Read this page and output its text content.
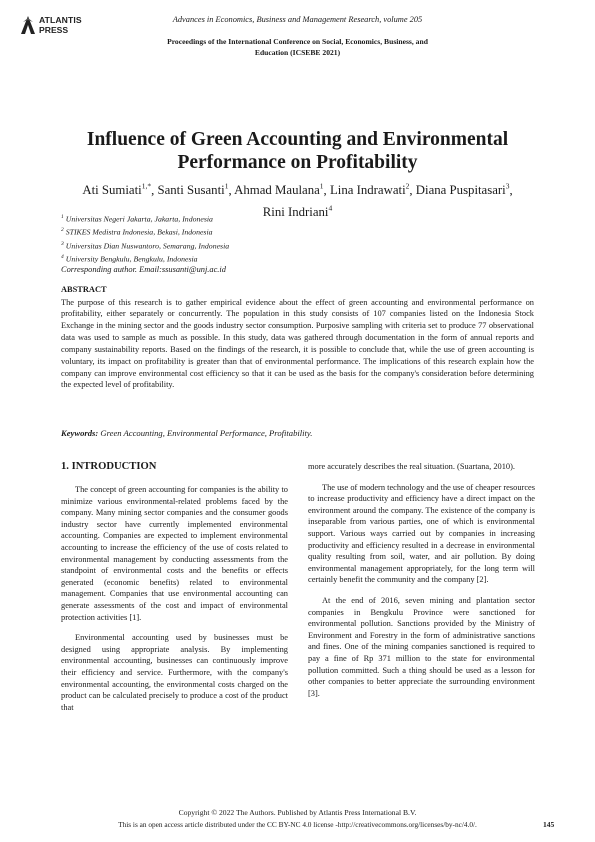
ATLANTIS
PRESS
Advances in Economics, Business and Management Research, volume 205
Proceedings of the International Conference on Social, Economics, Business, and
Education (ICSEBE 2021)
Influence of Green Accounting and Environmental
Performance on Profitability
Ati Sumiati$^{1,*}$, Santi Susanti$^1$, Ahmad Maulana$^1$, Lina Indrawati$^2$, Diana Puspitasari$^3$,
Rini Indriani$^4$
$^1$ Universitas Negeri Jakarta, Jakarta, Indonesia
$^2$ STIKES Medistra Indonesia, Bekasi, Indonesia
$^3$ Universitas Dian Nuswantoro, Semarang, Indonesia
$^4$ University Bengkulu, Bengkulu, Indonesia
Corresponding author. Email:ssusanti@unj.ac.id
ABSTRACT
The purpose of this research is to gather empirical evidence about the effect of green accounting and environmental performance on profitability, either separately or concurrently. The population in this study consists of 107 companies listed on the Indonesia Stock Exchange in the mining sector and the goods industry sector consumption. Purposive sampling with criteria set to produce 77 observational data was used to sample as much as possible. In this study, data was gathered through documentation in the form of annual reports and company sustainability reports. Based on the findings of the research, it is possible to conclude that, while the use of green accounting is voluntary, its impact on profitability is greater than that of environmental performance. The implications of this research explain how the company can improve environmental cost efficiency so that it can be used as the basis for the company's consideration before determining the expected level of profitability.
Keywords: Green Accounting, Environmental Performance, Profitability.
1. INTRODUCTION

The concept of green accounting for companies is the ability to minimize various environmental-related problems faced by the company. Many mining sector companies and the consumer goods industry sector have currently implemented environmental accounting. Companies are expected to implement environmental accounting to increase the efficiency of the use of costs related to environmental management by conducting assessments from the standpoint of environmental costs and the benefits or effects generated (economic benefits) related to environmental management. Companies that use environmental accounting can generate assessments of the cost and impact of environmental protection activities [1].

Environmental accounting used by businesses must be designed using appropriate analysis. By implementing environmental accounting, businesses can continuously improve their efficiency and service. Furthermore, with the company's environmental accounting, the environmental costs charged on the product can be calculated precisely to produce a cost of the product that

more accurately describes the real situation. (Suartana, 2010).

The use of modern technology and the use of cheaper resources to increase productivity and efficiency have a direct impact on the environment around the company. The existence of the company is inseparable from various parties, one of which is environmental support. Various ways carried out by companies in increasing productivity and efficiency resulted in a decrease in environmental quality resulting from soil, water, and air pollution. By doing environmental management appropriately, for the long term will certainly benefit the community and the company [2].

At the end of 2016, seven mining and plantation sector companies in Bengkulu Province were sanctioned for environmental pollution. Sanctions provided by the Ministry of Environment and Forestry in the form of administrative sanctions and fines. One of the mining companies sanctioned is required to pay a fine of Rp 371 million to the state for environmental pollution committed. Such a thing should be used as a lesson for other companies to better appreciate the surrounding environment [3].

Copyright © 2022 The Authors. Published by Atlantis Press International B.V.
This is an open access article distributed under the CC BY-NC 4.0 license -http://creativecommons.org/licenses/by-nc/4.0/.	145
